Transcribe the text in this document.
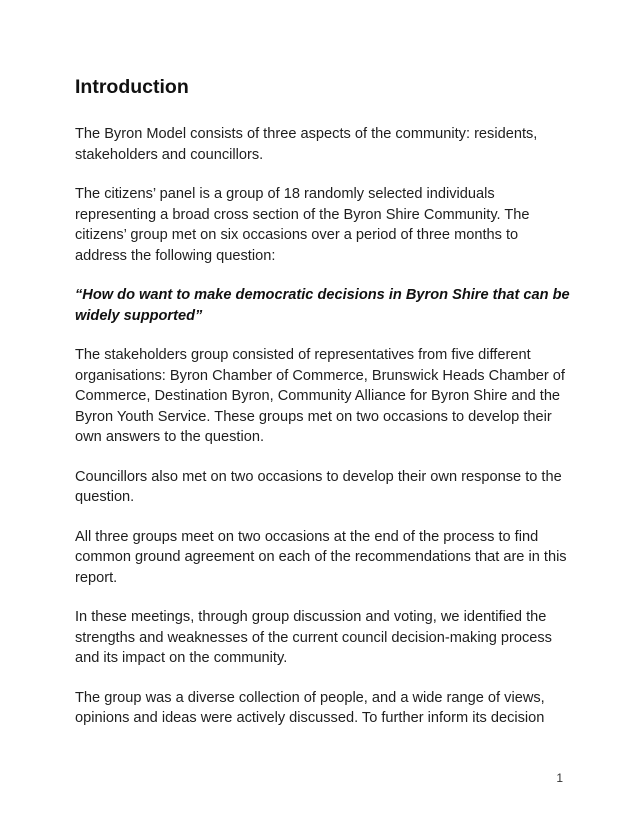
Introduction

The Byron Model consists of three aspects of the community: residents, stakeholders and councillors.

The citizens’ panel is a group of 18 randomly selected individuals representing a broad cross section of the Byron Shire Community. The citizens’ group met on six occasions over a period of three months to address the following question:

“How do want to make democratic decisions in Byron Shire that can be widely supported”

The stakeholders group consisted of representatives from five different organisations: Byron Chamber of Commerce, Brunswick Heads Chamber of Commerce, Destination Byron, Community Alliance for Byron Shire and the Byron Youth Service. These groups met on two occasions to develop their own answers to the question.

Councillors also met on two occasions to develop their own response to the question.

All three groups meet on two occasions at the end of the process to find common ground agreement on each of the recommendations that are in this report.

In these meetings, through group discussion and voting, we identified the strengths and weaknesses of the current council decision-making process and its impact on the community.

The group was a diverse collection of people, and a wide range of views, opinions and ideas were actively discussed. To further inform its decision

1
